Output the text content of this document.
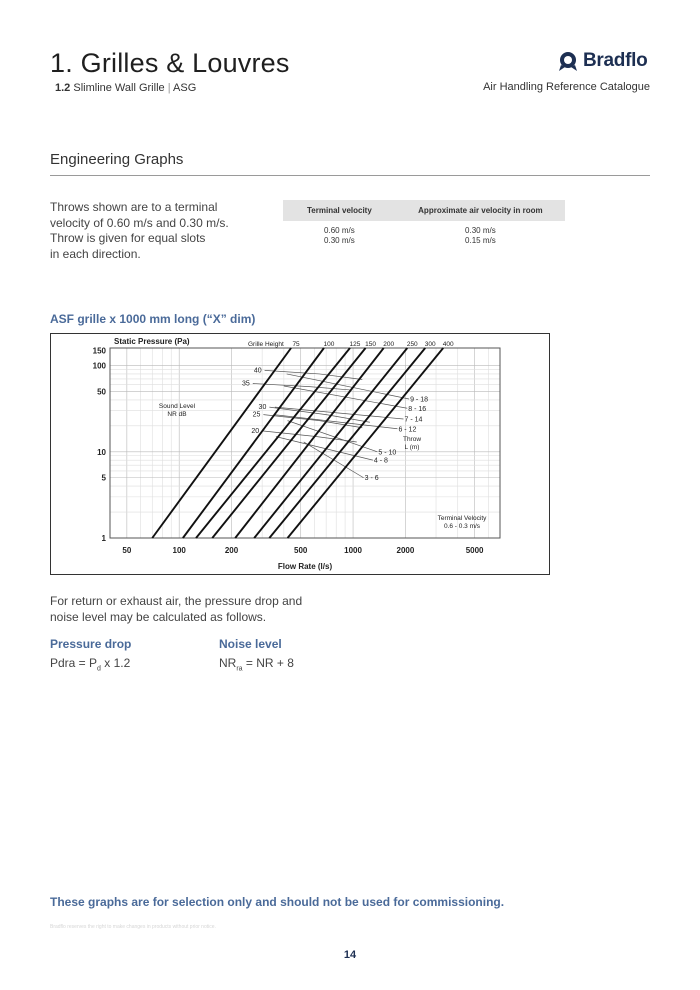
1. Grilles & Louvres
1.2 Slimline Wall Grille | ASG
Bradflo
Air Handling Reference Catalogue
Engineering Graphs
Throws shown are to a terminal
velocity of 0.60 m/s and 0.30 m/s.
Throw is given for equal slots
in each direction.
Terminal velocity	Approximate air velocity in room
0.60 m/s	0.30 m/s
0.30 m/s	0.15 m/s
ASF grille x 1000 mm long (“X” dim)
40
35
30
25
20
9 - 18
8 - 16
7 - 14
6 - 12
5 - 10
4 - 8
3 - 6
50	100	200	500	1000	2000	5000
1
5
10
50
100
150
Static Pressure (Pa)
Flow Rate (l/s)
Grille Height 75	100 125 150 200 250 300 400
Sound Level
NR dB
Throw
L (m)
Terminal Velocity
0.6 - 0.3 m/s
For return or exhaust air, the pressure drop and
noise level may be calculated as follows.
Pressure drop
Pdra = $P_d$ x 1.2
Noise level
$NR_{ra}$ = NR + 8
These graphs are for selection only and should not be used for commissioning.
Bradflo reserves the right to make changes in products without prior notice.
14
